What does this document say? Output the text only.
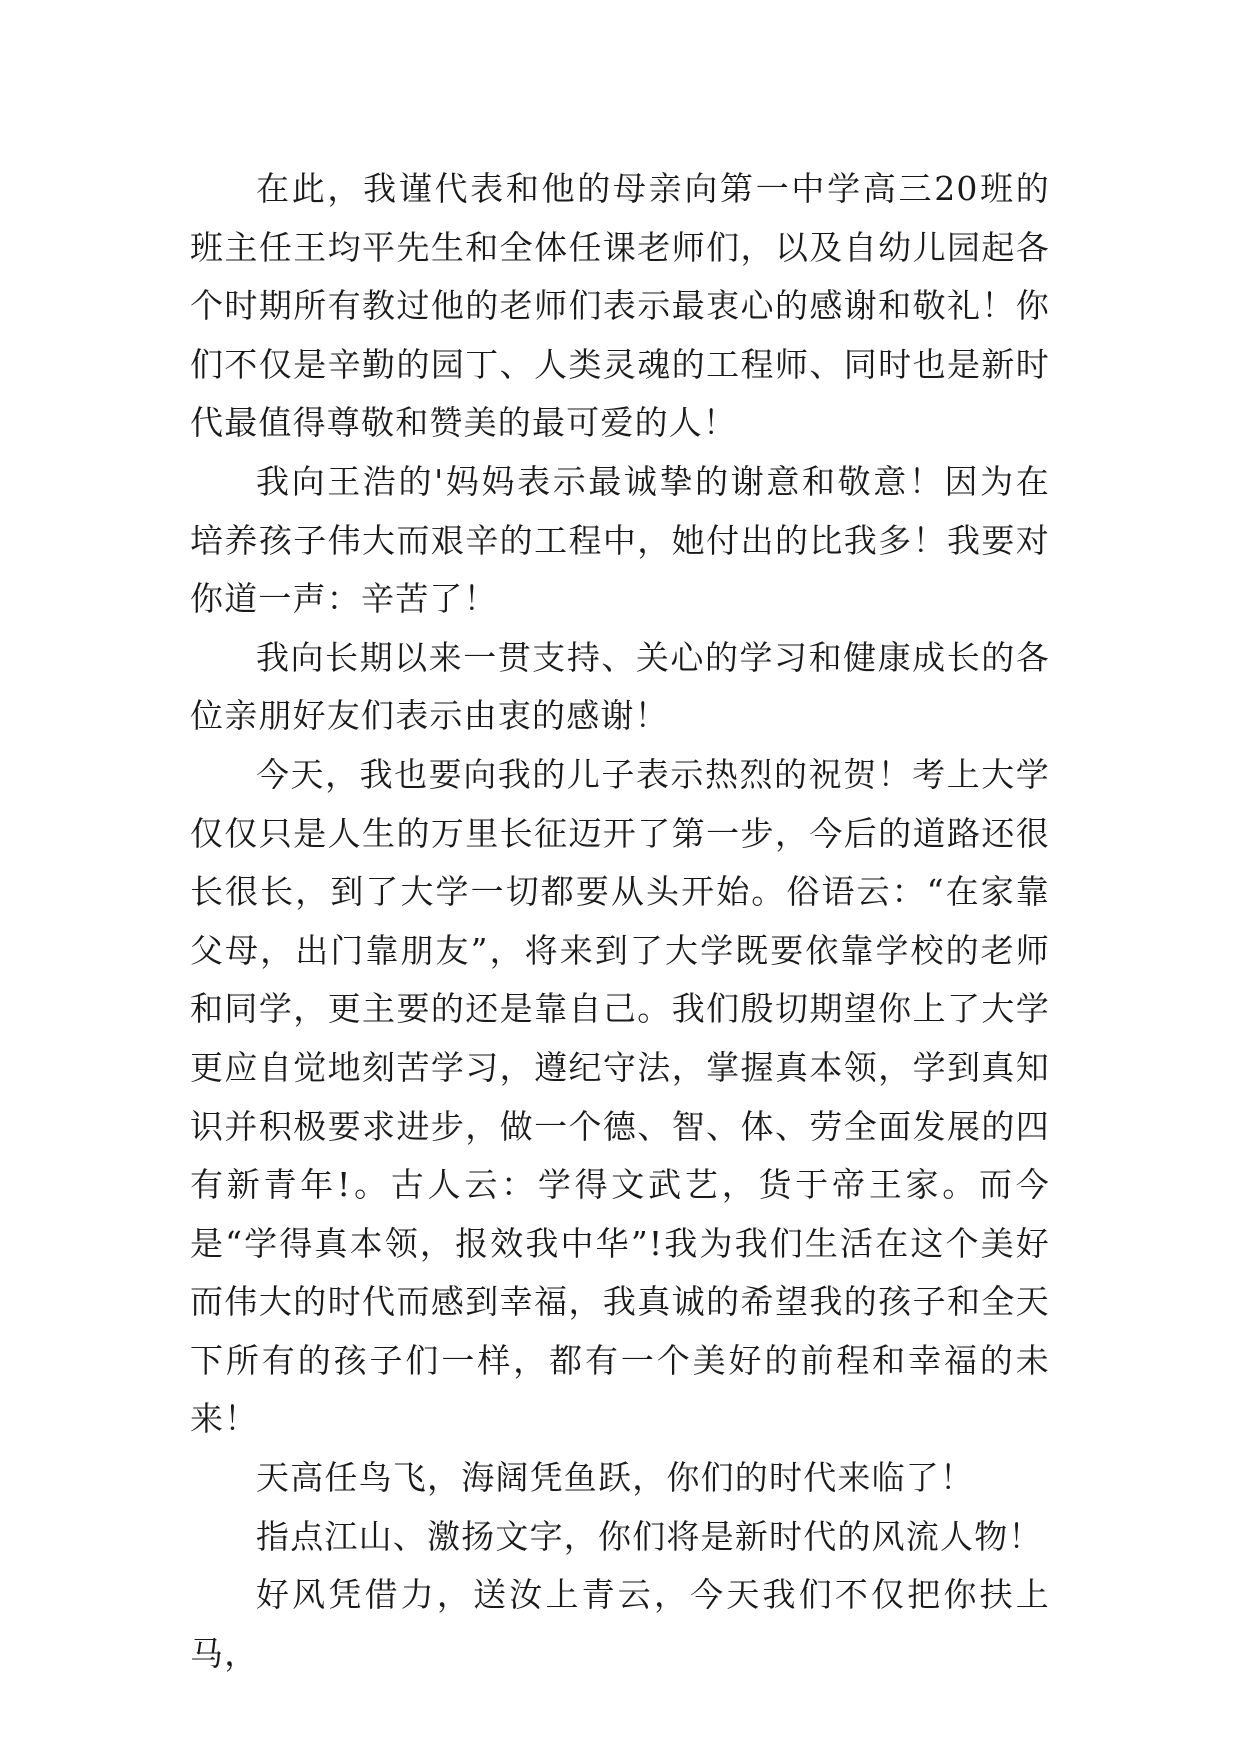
在此，我谨代表和他的母亲向第一中学高三20班的班主任王均平先生和全体任课老师们，以及自幼儿园起各个时期所有教过他的老师们表示最衷心的感谢和敬礼！你们不仅是辛勤的园丁、人类灵魂的工程师、同时也是新时代最值得尊敬和赞美的最可爱的人！

我向王浩的'妈妈表示最诚挚的谢意和敬意！因为在培养孩子伟大而艰辛的工程中，她付出的比我多！我要对你道一声：辛苦了！

我向长期以来一贯支持、关心的学习和健康成长的各位亲朋好友们表示由衷的感谢！

今天，我也要向我的儿子表示热烈的祝贺！考上大学仅仅只是人生的万里长征迈开了第一步，今后的道路还很长很长，到了大学一切都要从头开始。俗语云：“在家靠父母，出门靠朋友”，将来到了大学既要依靠学校的老师和同学，更主要的还是靠自己。我们殷切期望你上了大学更应自觉地刻苦学习，遵纪守法，掌握真本领，学到真知识并积极要求进步，做一个德、智、体、劳全面发展的四有新青年!。古人云：学得文武艺，货于帝王家。而今是“学得真本领，报效我中华”!我为我们生活在这个美好而伟大的时代而感到幸福，我真诚的希望我的孩子和全天下所有的孩子们一样，都有一个美好的前程和幸福的未来！

天高任鸟飞，海阔凭鱼跃，你们的时代来临了！

指点江山、激扬文字，你们将是新时代的风流人物！

好风凭借力，送汝上青云，今天我们不仅把你扶上马，
